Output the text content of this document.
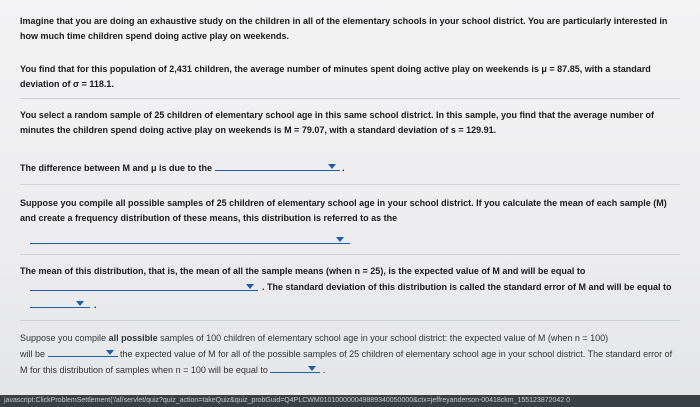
Imagine that you are doing an exhaustive study on the children in all of the elementary schools in your school district. You are particularly interested in how much time children spend doing active play on weekends.
You find that for this population of 2,431 children, the average number of minutes spent doing active play on weekends is μ = 87.85, with a standard deviation of σ = 118.1.
You select a random sample of 25 children of elementary school age in this same school district. In this sample, you find that the average number of minutes the children spend doing active play on weekends is M = 79.07, with a standard deviation of s = 129.91.
The difference between M and μ is due to the	.
Suppose you compile all possible samples of 25 children of elementary school age in your school district. If you calculate the mean of each sample (M) and create a frequency distribution of these means, this distribution is referred to as the
The mean of this distribution, that is, the mean of all the sample means (when n = 25), is the expected value of M and will be equal to
. The standard deviation of this distribution is called the standard error of M and will be equal to
.
Suppose you compile all possible samples of 100 children of elementary school age in your school district: the expected value of M (when n = 100)
will be	the expected value of M for all of the possible samples of 25 children of elementary school age in your school district. The standard error of M for this distribution of samples when n = 100 will be equal to	.
javascript:ClickProblemSettlement('/af/servlet/quiz?quiz_action=takeQuiz&quiz_probGuid=Q4PLCWM010100000049889340050000&ctx=jeffreyanderson-00418ckm_155123872042 0
